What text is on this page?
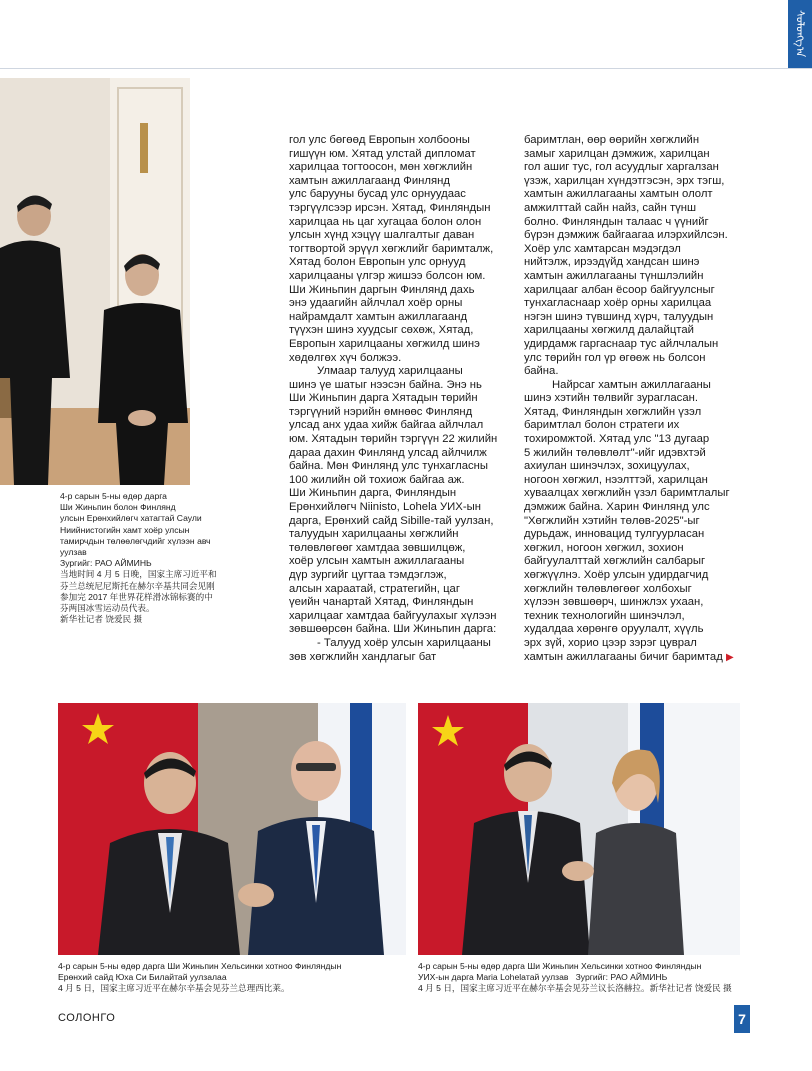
ᠰᠣᠯᠣᠩᠭ᠎ᠠ
4-р сарын 5-ны өдөр дарга
Ши Жиньпин болон Финлянд
улсын Ерөнхийлөгч хатагтай Саули
Ниийнистогийн хамт хоёр улсын
тамирчдын төлөөлөгчдийг хүлээн авч
уулзав
Зургийг: РАО АЙМИНЬ
当地时间 4 月 5 日晚，国家主席习近平和
芬兰总统尼尼斯托在赫尔辛基共同会见刚
参加完 2017 年世界花样滑冰锦标赛的中
芬两国冰雪运动员代表。
新华社记者 饶爱民 摄

гол улс бөгөөд Европын холбооны

гишүүн юм. Хятад улстай дипломат

харилцаа тогтоосон, мөн хөгжлийн

хамтын ажиллагаанд Финлянд

улс барууны бусад улс орнуудаас

тэргүүлсээр ирсэн. Хятад, Финляндын

харилцаа нь цаг хугацаа болон олон

улсын хүнд хэцүү шалгалтыг даван

тогтвортой эрүүл хөгжлийг баримталж,

Хятад болон Европын улс орнууд

харилцааны үлгэр жишээ болсон юм.

Ши Жиньпин даргын Финлянд дахь

энэ удаагийн айлчлал хоёр орны

найрамдалт хамтын ажиллагаанд

түүхэн шинэ хуудсыг сөхөж, Хятад,

Европын харилцааны хөгжилд шинэ

хөдөлгөх хүч болжээ.

Улмаар талууд харилцааны

шинэ үе шатыг нээсэн байна. Энэ нь

Ши Жиньпин дарга Хятадын төрийн

тэргүүний нэрийн өмнөөс Финлянд

улсад анх удаа хийж байгаа айлчлал

юм. Хятадын төрийн тэргүүн 22 жилийн

дараа дахин Финлянд улсад айлчилж

байна. Мөн Финлянд улс тунхагласны

100 жилийн ой тохиож байгаа аж.

Ши Жиньпин дарга, Финляндын

Ерөнхийлөгч Niinisto, Lohela УИХ-ын

дарга, Ерөнхий сайд Sibille-тай уулзан,

талуудын харилцааны хөгжлийн

төлөвлөгөөг хамтдаа зөвшилцөж,

хоёр улсын хамтын ажиллагааны

дүр зургийг цугтаа тэмдэглэж,

алсын хараатай, стратегийн, цаг

үеийн чанартай Хятад, Финляндын

харилцааг хамтдаа байгуулахыг хүлээн

зөвшөөрсөн байна. Ши Жиньпин дарга:

- Талууд хоёр улсын харилцааны

зөв хөгжлийн хандлагыг бат

баримтлан, өөр өөрийн хөгжлийн

замыг харилцан дэмжиж, харилцан

гол ашиг тус, гол асуудлыг харгалзан

үзэж, харилцан хүндэтгэсэн, эрх тэгш,

хамтын ажиллагааны хамтын ололт

амжилттай сайн найз, сайн түнш

болно. Финляндын талаас ч үүнийг

бүрэн дэмжиж байгаагаа илэрхийлсэн.

Хоёр улс хамтарсан мэдэгдэл

нийтэлж, ирээдүйд хандсан шинэ

хамтын ажиллагааны түншлэлийн

харилцааг албан ёсоор байгуулсныг

тунхагласнаар хоёр орны харилцаа

нэгэн шинэ түвшинд хүрч, талуудын

харилцааны хөгжилд далайцтай

удирдамж гаргаснаар тус айлчлалын

улс төрийн гол үр өгөөж нь болсон

байна.

Найрсаг хамтын ажиллагааны

шинэ хэтийн төлвийг зурагласан.

Хятад, Финляндын хөгжлийн үзэл

баримтлал болон стратеги их

тохиромжтой. Хятад улс "13 дугаар

5 жилийн төлөвлөлт"-ийг идэвхтэй

ахиулан шинэчлэх, зохицуулах,

ногоон хөгжил, нээлттэй, харилцан

хуваалцах хөгжлийн үзэл баримтлалыг

дэмжиж байна. Харин Финлянд улс

"Хөгжлийн хэтийн төлөв-2025"-ыг

дурьдаж, инновацид тулгуурласан

хөгжил, ногоон хөгжил, зохион

байгуулалттай хөгжлийн салбарыг

хөгжүүлнэ. Хоёр улсын удирдагчид

хөгжлийн төлөвлөгөөг холбохыг

хүлээн зөвшөөрч, шинжлэх ухаан,

техник технологийн шинэчлэл,

худалдаа хөрөнгө оруулалт, хүүль

эрх зүй, хорио цээр зэрэг цуврал

хамтын ажиллагааны бичиг баримтад ▶

4-р сарын 5-ны өдөр дарга Ши Жиньпин Хельсинки хотноо Финляндын
Ерөнхий сайд Юха Си Билайтай уулзалаа
4 月 5 日，国家主席习近平在赫尔辛基会见芬兰总理西比莱。
4-р сарын 5-ны өдөр дарга Ши Жиньпин Хельсинки хотноо Финляндын
УИХ-ын дарга Maria Lohelaтай уулзав Зургийг: РАО АЙМИНЬ
4 月 5 日，国家主席习近平在赫尔辛基会见芬兰议长洛赫拉。新华社记者 饶爱民 摄
СОЛОНГО	7
